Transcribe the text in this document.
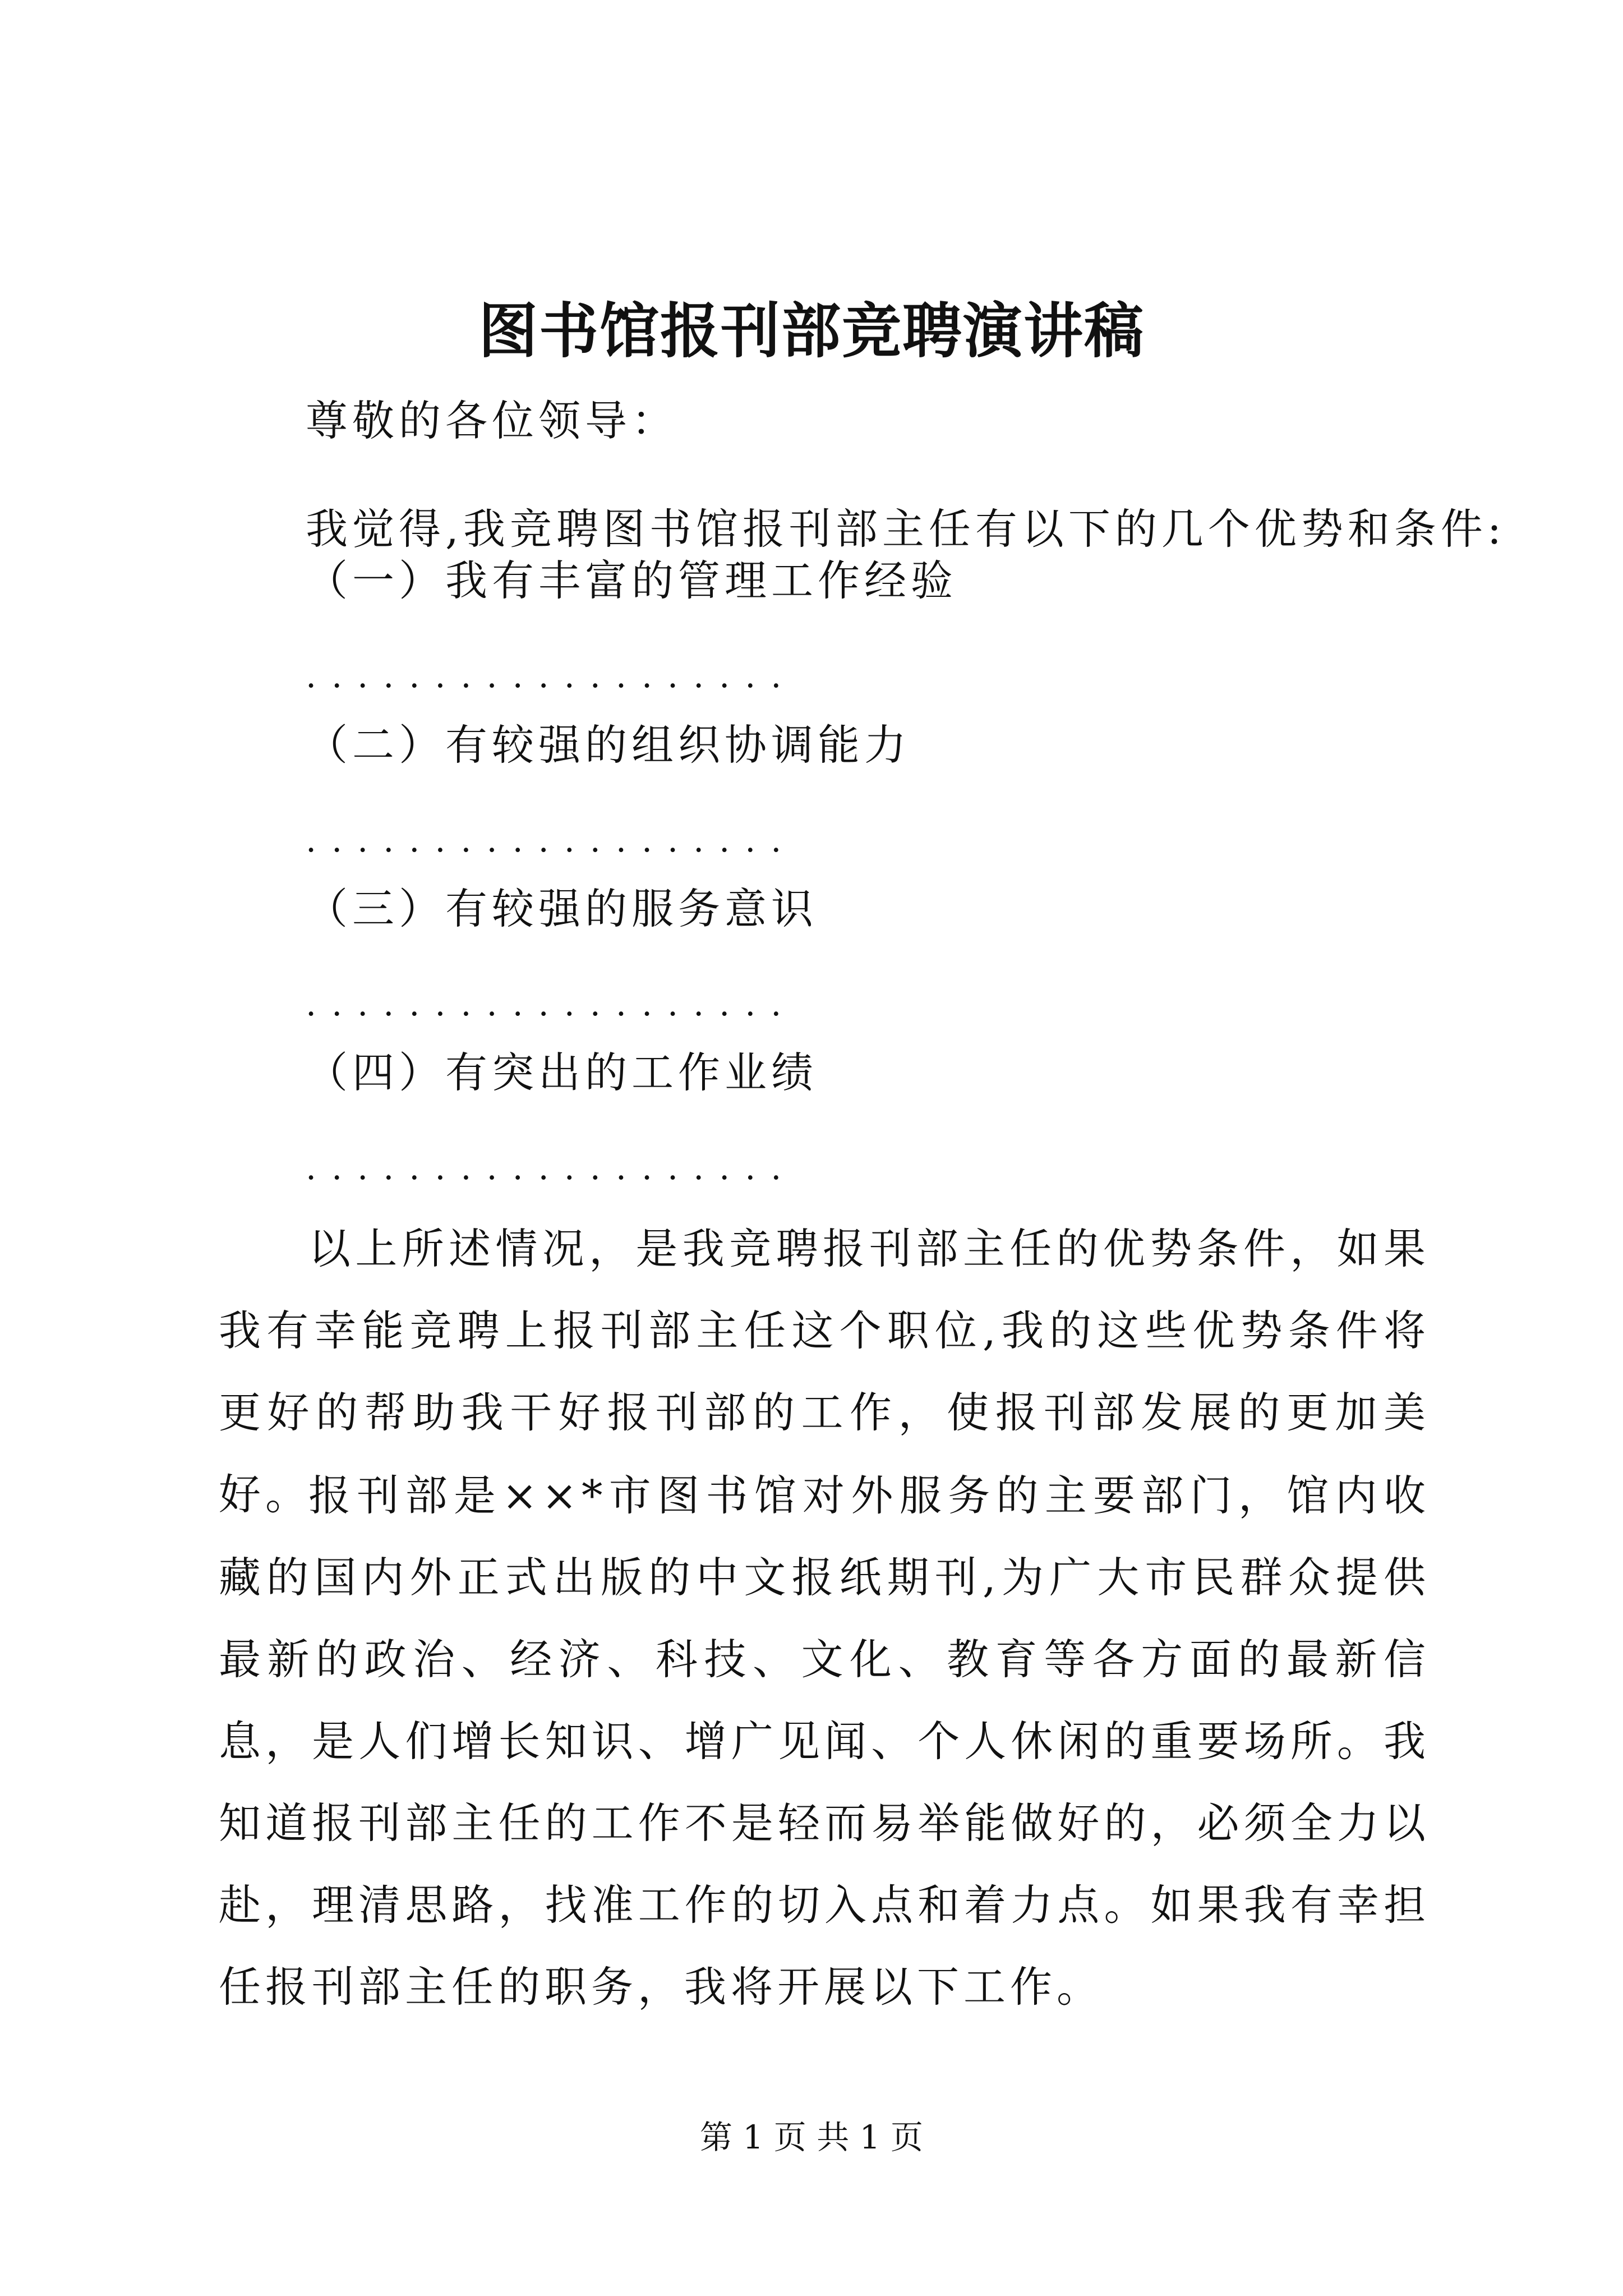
图书馆报刊部竞聘演讲稿
尊敬的各位领导：
我觉得,我竞聘图书馆报刊部主任有以下的几个优势和条件:
（一）我有丰富的管理工作经验
...................
（二）有较强的组织协调能力
...................
（三）有较强的服务意识
...................
（四）有突出的工作业绩
...................

以上所述情况，是我竞聘报刊部主任的优势条件，如果我有幸能竞聘上报刊部主任这个职位,我的这些优势条件将更好的帮助我干好报刊部的工作，使报刊部发展的更加美好。

报刊部是××*市图书馆对外服务的主要部门，馆内收藏的国内外正式出版的中文报纸期刊,为广大市民群众提供最新的政治、经济、科技、文化、教育等各方面的最新信息，是人们增长知识、增广见闻、个人休闲的重要场所。我知道报刊部主任的工作不是轻而易举能做好的，必须全力以赴，理清思路，找准工作的切入点和着力点。如果我有幸担任报刊部主任的职务，我将开展以下工作。

第 1 页 共 1 页
